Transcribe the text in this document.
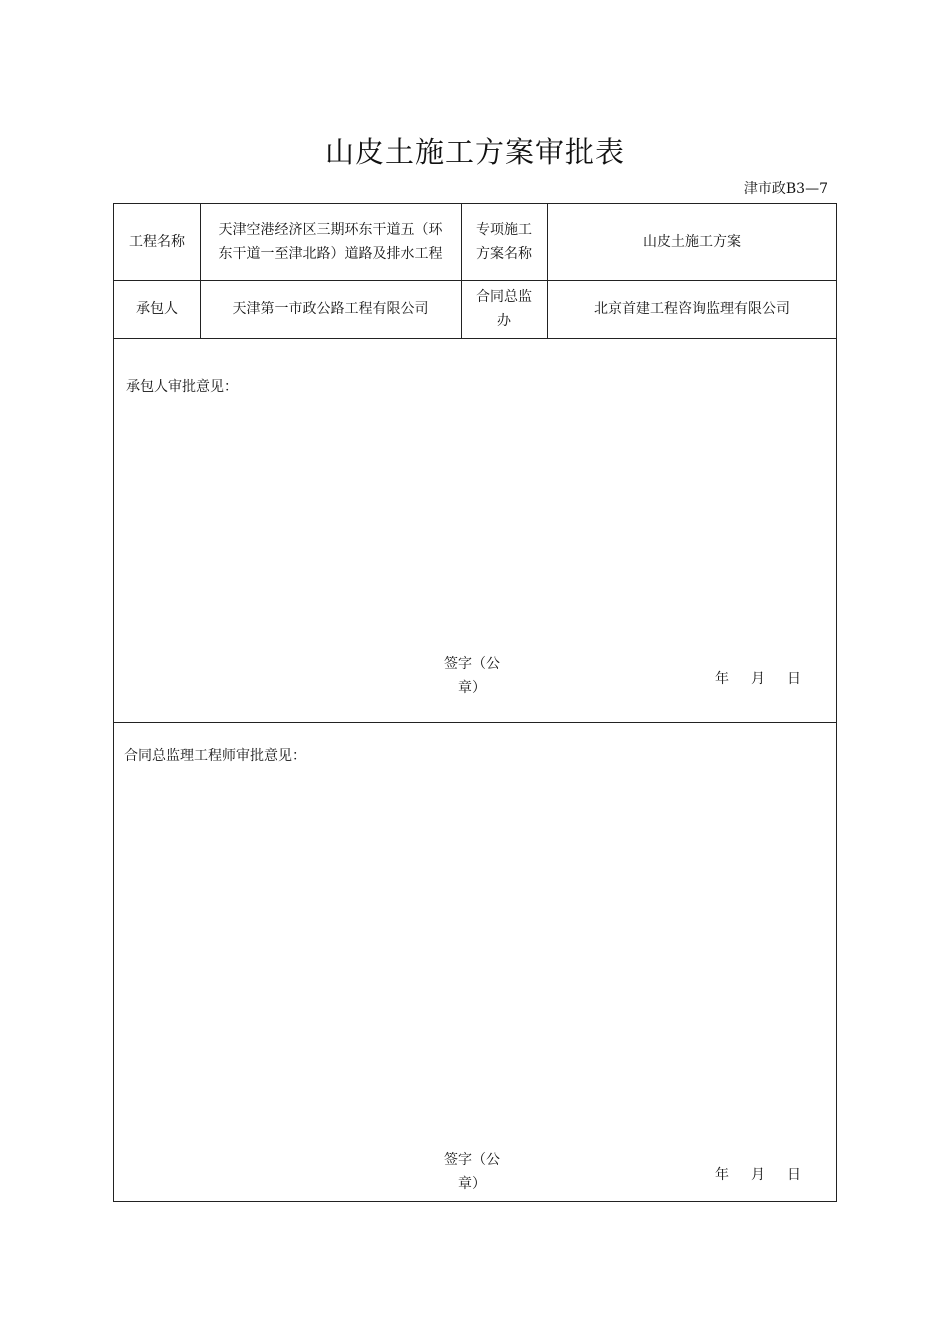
山皮土施工方案审批表
津市政B3—7
工程名称
天津空港经济区三期环东干道五（环东干道一至津北路）道路及排水工程
专项施工方案名称
山皮土施工方案
承包人	天津第一市政公路工程有限公司
合同总监办
北京首建工程咨询监理有限公司
承包人审批意见：
签字（公章）
年 月 日
合同总监理工程师审批意见：
签字（公章）
年 月 日
